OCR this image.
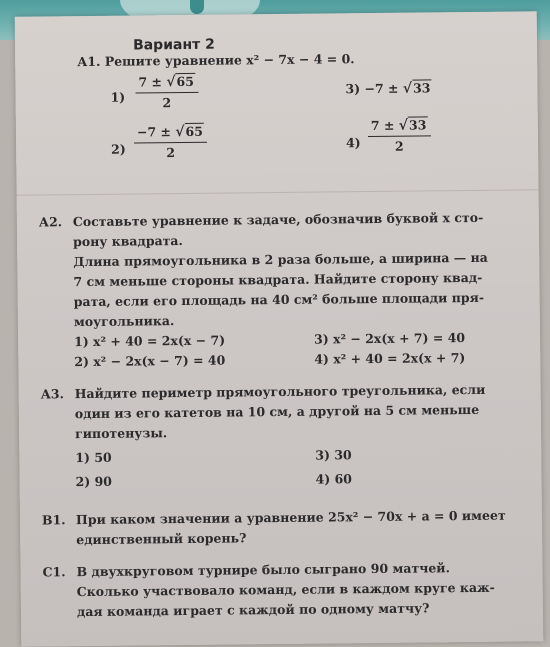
Вариант 2
А1. Решите уравнение x² − 7x − 4 = 0.
$1) \frac{7 \pm √65}{2}$
$2) \frac{-7 \pm √65}{2}$
3) −7 ± √33
$4) \frac{7 \pm √33}{2}$
А2. Составьте уравнение к задаче, обозначив буквой x сто-
рону квадрата.
Длина прямоугольника в 2 раза больше, а ширина — на
7 см меньше стороны квадрата. Найдите сторону квад-
рата, если его площадь на 40 см² больше площади пря-
моугольника.
1) x² + 40 = 2x(x − 7)
2) x² − 2x(x − 7) = 40
3) x² − 2x(x + 7) = 40
4) x² + 40 = 2x(x + 7)
А3. Найдите периметр прямоугольного треугольника, если
один из его катетов на 10 см, а другой на 5 см меньше
гипотенузы.
1) 50
2) 90
3) 30
4) 60
В1. При каком значении a уравнение 25x² − 70x + a = 0 имеет
единственный корень?
С1. В двухкруговом турнире было сыграно 90 матчей.
Сколько участвовало команд, если в каждом круге каж-
дая команда играет с каждой по одному матчу?
